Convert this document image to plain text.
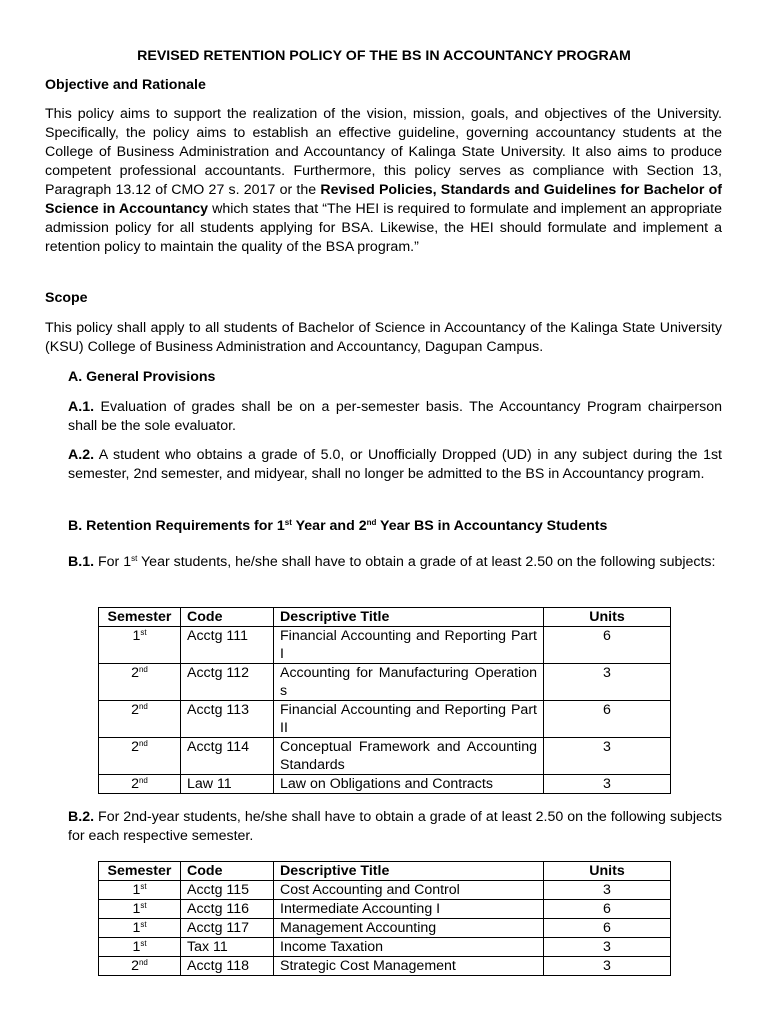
REVISED RETENTION POLICY OF THE BS IN ACCOUNTANCY PROGRAM
Objective and Rationale
This policy aims to support the realization of the vision, mission, goals, and objectives of the University. Specifically, the policy aims to establish an effective guideline, governing accountancy students at the College of Business Administration and Accountancy of Kalinga State University. It also aims to produce competent professional accountants. Furthermore, this policy serves as compliance with Section 13, Paragraph 13.12 of CMO 27 s. 2017 or the Revised Policies, Standards and Guidelines for Bachelor of Science in Accountancy which states that “The HEI is required to formulate and implement an appropriate admission policy for all students applying for BSA. Likewise, the HEI should formulate and implement a retention policy to maintain the quality of the BSA program.”
Scope
This policy shall apply to all students of Bachelor of Science in Accountancy of the Kalinga State University (KSU) College of Business Administration and Accountancy, Dagupan Campus.
A. General Provisions
A.1. Evaluation of grades shall be on a per-semester basis. The Accountancy Program chairperson shall be the sole evaluator.
A.2. A student who obtains a grade of 5.0, or Unofficially Dropped (UD) in any subject during the 1st semester, 2nd semester, and midyear, shall no longer be admitted to the BS in Accountancy program.
B. Retention Requirements for 1st Year and 2nd Year BS in Accountancy Students
B.1. For 1st Year students, he/she shall have to obtain a grade of at least 2.50 on the following subjects:
Semester	Code	Descriptive Title	Units
1st	Acctg 111	Financial Accounting and Reporting Part I	6
2nd	Acctg 112	Accounting for Manufacturing Operations	3
2nd	Acctg 113	Financial Accounting and Reporting Part II	6
2nd	Acctg 114	Conceptual Framework and Accounting Standards	3
2nd	Law 11	Law on Obligations and Contracts	3
B.2. For 2nd-year students, he/she shall have to obtain a grade of at least 2.50 on the following subjects for each respective semester.
Semester	Code	Descriptive Title	Units
1st	Acctg 115	Cost Accounting and Control	3
1st	Acctg 116	Intermediate Accounting I	6
1st	Acctg 117	Management Accounting	6
1st	Tax 11	Income Taxation	3
2nd	Acctg 118	Strategic Cost Management	3
